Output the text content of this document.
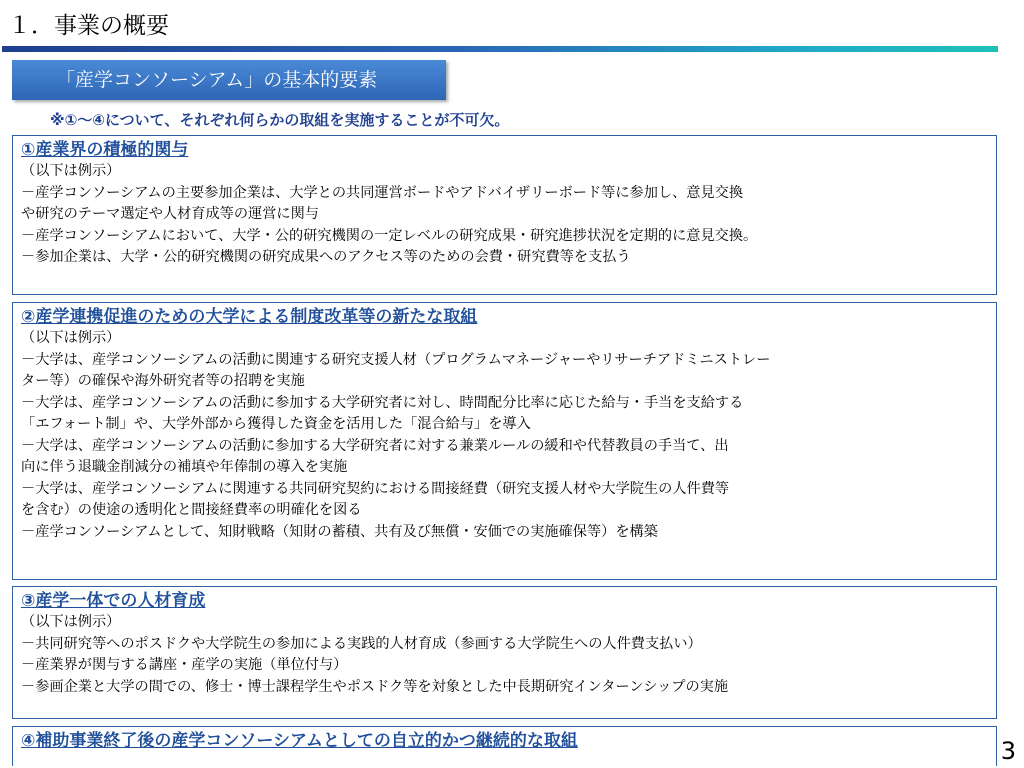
１．事業の概要
「産学コンソーシアム」の基本的要素
※①～④について、それぞれ何らかの取組を実施することが不可欠。
①産業界の積極的関与
（以下は例示）
－産学コンソーシアムの主要参加企業は、大学との共同運営ボードやアドバイザリーボード等に参加し、意見交換
や研究のテーマ選定や人材育成等の運営に関与
－産学コンソーシアムにおいて、大学・公的研究機関の一定レベルの研究成果・研究進捗状況を定期的に意見交換。
－参加企業は、大学・公的研究機関の研究成果へのアクセス等のための会費・研究費等を支払う
②産学連携促進のための大学による制度改革等の新たな取組
（以下は例示）
－大学は、産学コンソーシアムの活動に関連する研究支援人材（プログラムマネージャーやリサーチアドミニストレー
ター等）の確保や海外研究者等の招聘を実施
－大学は、産学コンソーシアムの活動に参加する大学研究者に対し、時間配分比率に応じた給与・手当を支給する
「エフォート制」や、大学外部から獲得した資金を活用した「混合給与」を導入
－大学は、産学コンソーシアムの活動に参加する大学研究者に対する兼業ルールの緩和や代替教員の手当て、出
向に伴う退職金削減分の補填や年俸制の導入を実施
－大学は、産学コンソーシアムに関連する共同研究契約における間接経費（研究支援人材や大学院生の人件費等
を含む）の使途の透明化と間接経費率の明確化を図る
－産学コンソーシアムとして、知財戦略（知財の蓄積、共有及び無償・安価での実施確保等）を構築
③産学一体での人材育成
（以下は例示）
－共同研究等へのポスドクや大学院生の参加による実践的人材育成（参画する大学院生への人件費支払い）
－産業界が関与する講座・産学の実施（単位付与）
－参画企業と大学の間での、修士・博士課程学生やポスドク等を対象とした中長期研究インターンシップの実施
④補助事業終了後の産学コンソーシアムとしての自立的かつ継続的な取組	3
